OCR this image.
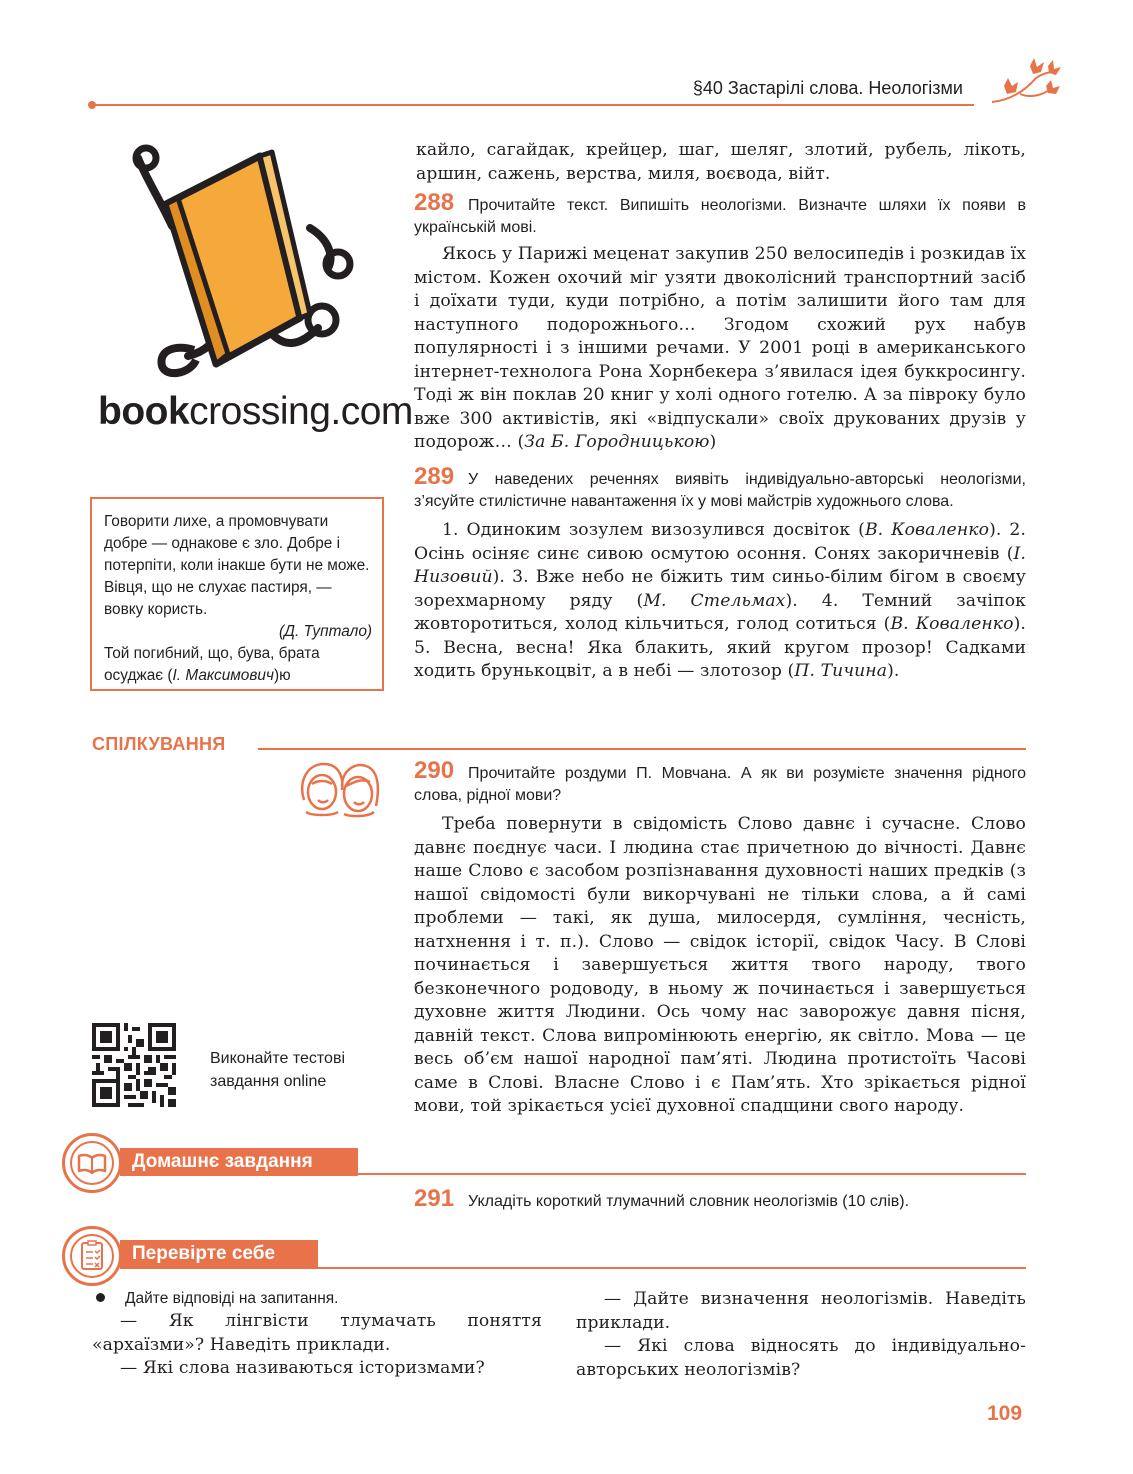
§40 Застарілі слова. Неологізми
bookcrossing.com
кайло, сагайдак, крейцер, шаг, шеляг, злотий, рубель, лікоть, аршин, сажень, верства, миля, воєвода, війт.
288 Прочитайте текст. Випишіть неологізми. Визначте шляхи їх появи в українській мові.
Якось у Парижі меценат закупив 250 велосипедів і розкидав їх містом. Кожен охочий міг узяти двоколісний транспортний засіб і доїхати туди, куди потрібно, а потім залишити його там для наступного подорожнього… Згодом схожий рух набув популярності і з іншими речами. У 2001 році в американського інтернет-технолога Рона Хорнбекера з’явилася ідея буккросингу. Тоді ж він поклав 20 книг у холі одного готелю. А за півроку було вже 300 активістів, які «відпускали» своїх друкованих друзів у подорож… (За Б. Городницькою)
289 У наведених реченнях виявіть індивідуально-авторські неологізми, з’ясуйте стилістичне навантаження їх у мові майстрів художнього слова.
1. Одиноким зозулем визозулився досвіток (В. Коваленко). 2. Осінь осіняє синє сивою осмутою осоння. Сонях закоричневів (І. Низовий). 3. Вже небо не біжить тим синьо-білим бігом в своєму зорехмарному ряду (М. Стельмах). 4. Темний зачіпок жовторотиться, холод кільчиться, голод сотиться (В. Коваленко). 5. Весна, весна! Яка блакить, який кругом прозор! Садками ходить брунькоцвіт, а в небі — злотозор (П. Тичина).
Говорити лихе, а промовчувати добре — однакове є зло. Добре і потерпіти, коли інакше бути не може. Вівця, що не слухає пастиря, — вовку користь.
(Д. Туптало)
Той погибний, що, бува, брата осуджає (І. Максимович)ю
СПІЛКУВАННЯ
290 Прочитайте роздуми П. Мовчана. А як ви розумієте значення рідного слова, рідної мови?
Треба повернути в свідомість Слово давнє і сучасне. Слово давнє поєднує часи. І людина стає причетною до вічності. Давнє наше Слово є засобом розпізнавання духовності наших предків (з нашої свідомості були викорчувані не тільки слова, а й самі проблеми — такі, як душа, милосердя, сумління, чесність, натхнення і т. п.). Слово — свідок історії, свідок Часу. В Слові починається і завершується життя твого народу, твого безконечного родоводу, в ньому ж починається і завершується духовне життя Людини. Ось чому нас заворожує давня пісня, давній текст. Слова випромінюють енергію, як світло. Мова — це весь об’єм нашої народної пам’яті. Людина протистоїть Часові саме в Слові. Власне Слово і є Пам’ять. Хто зрікається рідної мови, той зрікається усієї духовної спадщини свого народу.
Виконайте тестові завдання online
Домашнє завдання
291 Укладіть короткий тлумачний словник неологізмів (10 слів).
Перевірте себе
Дайте відповіді на запитання.
— Як лінгвісти тлумачать поняття «архаїзми»? Наведіть приклади.
— Які слова називаються історизмами?
— Дайте визначення неологізмів. Наведіть приклади.
— Які слова відносять до індивідуально-авторських неологізмів?
109
